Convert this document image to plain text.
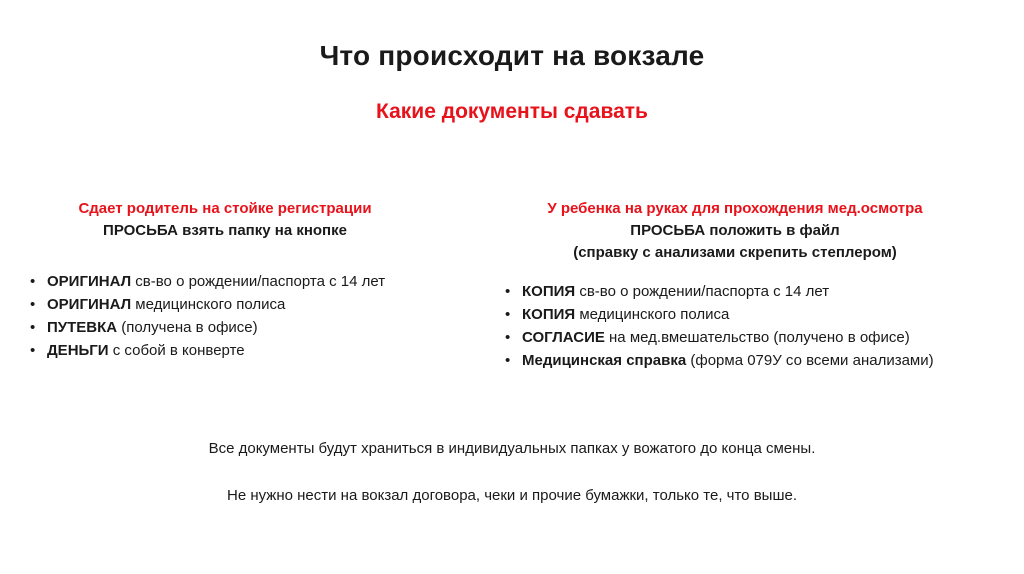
Что происходит на вокзале
Какие документы сдавать
Сдает родитель на стойке регистрации
ПРОСЬБА взять папку на кнопке
• ОРИГИНАЛ св-во о рождении/паспорта с 14 лет
• ОРИГИНАЛ медицинского полиса
• ПУТЕВКА (получена в офисе)
• ДЕНЬГИ с собой в конверте
У ребенка на руках для прохождения мед.осмотра
ПРОСЬБА положить в файл
(справку с анализами скрепить степлером)
• КОПИЯ св-во о рождении/паспорта с 14 лет
• КОПИЯ медицинского полиса
• СОГЛАСИЕ на мед.вмешательство (получено в офисе)
• Медицинская справка (форма 079У со всеми анализами)
Все документы будут храниться в индивидуальных папках у вожатого до конца смены.
Не нужно нести на вокзал договора, чеки и прочие бумажки, только те, что выше.
